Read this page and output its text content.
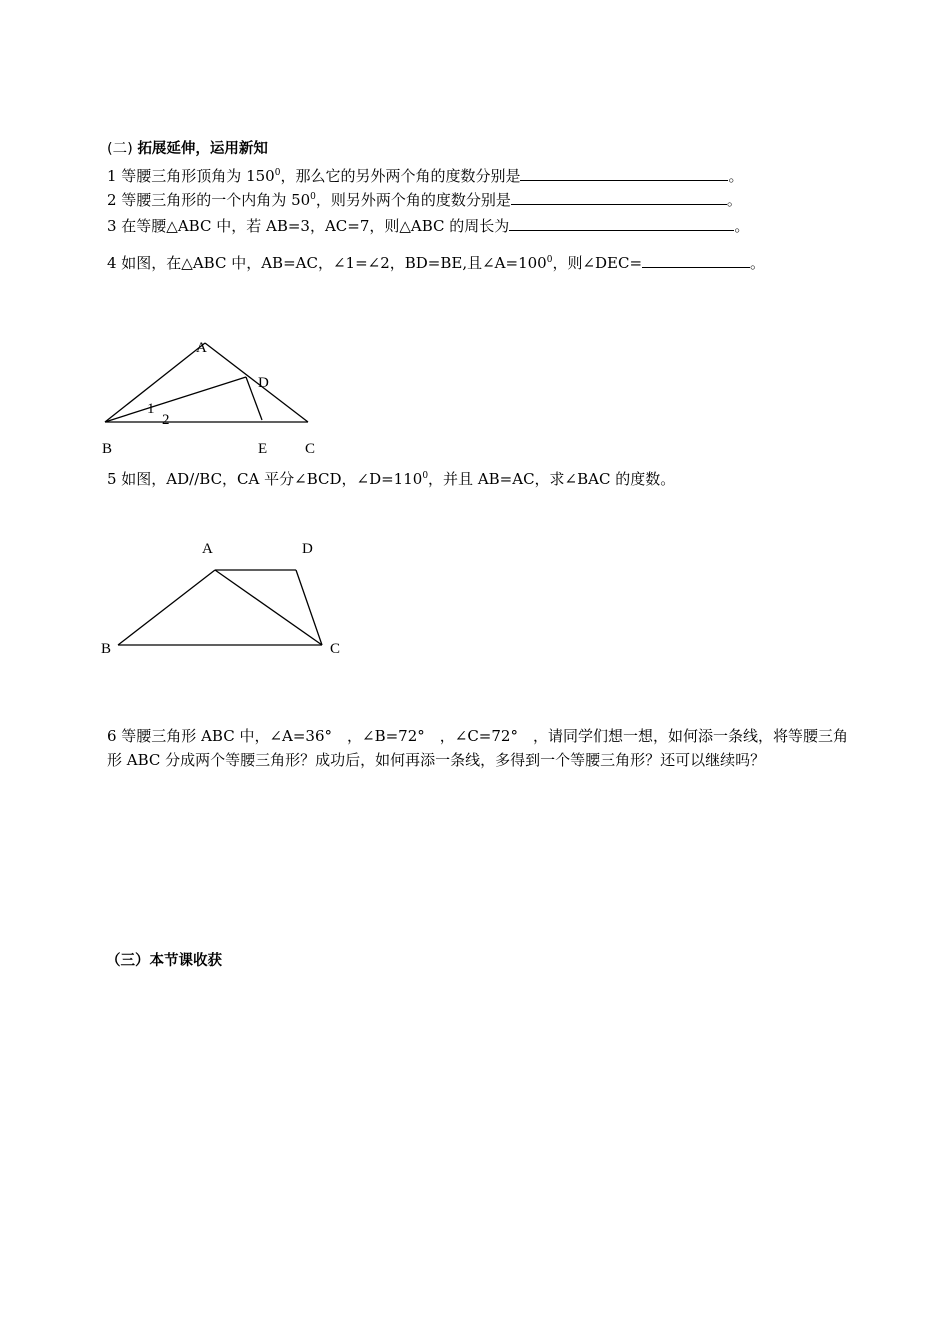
(二) 拓展延伸，运用新知
1 等腰三角形顶角为 $150^0$，那么它的另外两个角的度数分别是	。
2 等腰三角形的一个内角为 $50^0$，则另外两个角的度数分别是	。
3 在等腰△ABC 中，若 AB=3，AC=7，则△ABC 的周长为	。
4 如图，在△ABC 中，AB=AC，∠1=∠2，BD=BE,且$\angle A=100^0$，则∠DEC=	。
A
D
1
2
B	E	C
5 如图，AD//BC，CA 平分∠BCD，$\angle D=110^0$，并且 AB=AC，求∠BAC 的度数。
A	D
B	C
6 等腰三角形 ABC 中，∠A=36°　，∠B=72°　，∠C=72°　，请同学们想一想，如何添一条线，将等腰三角形 ABC 分成两个等腰三角形？成功后，如何再添一条线，多得到一个等腰三角形？还可以继续吗？
（三）本节课收获
